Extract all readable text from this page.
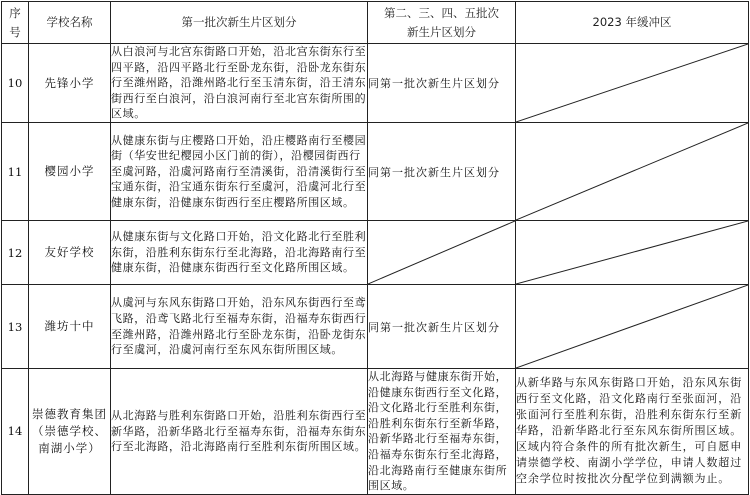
序号	学校名称	第一批次新生片区划分	第二、三、四、五批次新生片区划分	2023 年缓冲区
10	先锋小学	从白浪河与北宫东街路口开始，沿北宫东街东行至四平路，沿四平路北行至卧龙东街，沿卧龙东街东行至潍州路，沿潍州路北行至玉清东街，沿王清东街西行至白浪河，沿白浪河南行至北宫东街所围的区域。	同第一批次新生片区划分	

11	樱园小学	从健康东街与庄樱路口开始，沿庄樱路南行至樱园街（华安世纪樱园小区门前的街），沿樱园街西行至虞河路，沿虞河路南行至清溪街，沿清溪街行至宝通东街，沿宝通东街东行至虞河，沿虞河北行至健康东街，沿健康东街西行至庄樱路所围区域。	同第一批次新生片区划分	

12	友好学校	从健康东街与文化路口开始，沿文化路北行至胜利东街，沿胜利东街东行至北海路，沿北海路南行至健康东街，沿健康东街西行至文化路所围区域。	

13	潍坊十中	从虞河与东风东街路口开始，沿东风东街西行至鸢飞路，沿鸢飞路北行至福寿东街，沿福寿东街西行至潍州路，沿潍州路北行至卧龙东街，沿卧龙街东行至虞河，沿虞河南行至东风东街所围区域。	同第一批次新生片区划分	

14	崇德教育集团（崇德学校、南湖小学）	从北海路与胜利东街路口开始，沿胜利东街西行至新华路，沿新华路北行至福寿东街，沿福寿东街东行至北海路，沿北海路南行至胜利东街所围区域。	从北海路与健康东街开始，沿健康东街西行至文化路，沿文化路北行至胜利东街，沿胜利东街东行至新华路，沿新华路北行至福寿东街，沿福寿东街东行至北海路，沿北海路南行至健康东街所围区域。	从新华路与东风东街路口开始，沿东风东街西行至文化路，沿文化路南行至张面河，沿张面河行至胜利东街，沿胜利东街东行至新华路，沿新华路北行至东风东街所围区域。区域内符合条件的所有批次新生，可自愿申请崇德学校、南湖小学学位，申请人数超过空余学位时按批次分配学位到满额为止。
